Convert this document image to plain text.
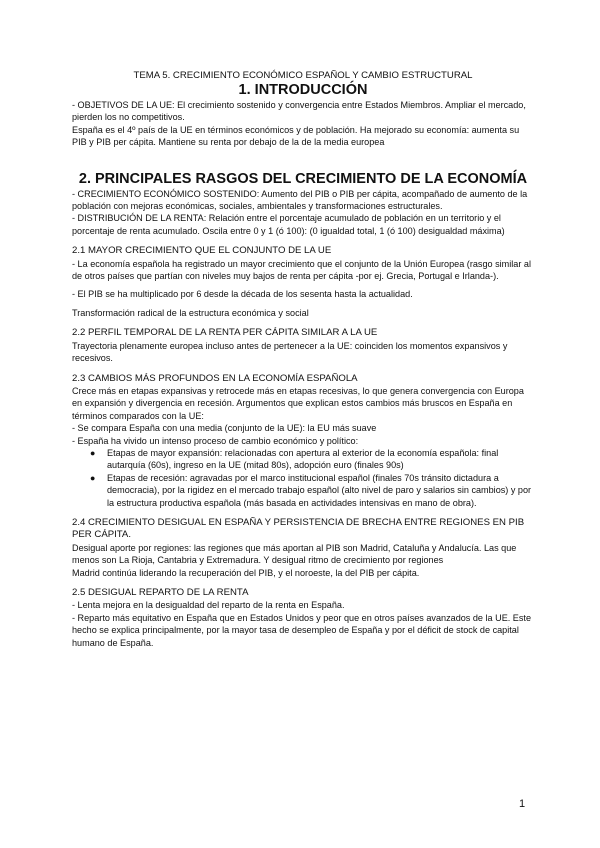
TEMA 5. CRECIMIENTO ECONÓMICO ESPAÑOL Y CAMBIO ESTRUCTURAL

1. INTRODUCCIÓN

- OBJETIVOS DE LA UE: El crecimiento sostenido y convergencia entre Estados Miembros. Ampliar el mercado, pierden los no competitivos.

España es el 4º país de la UE en términos económicos y de población. Ha mejorado su economía: aumenta su PIB y PIB per cápita. Mantiene su renta por debajo de la de la media europea

2. PRINCIPALES RASGOS DEL CRECIMIENTO DE LA ECONOMÍA

- CRECIMIENTO ECONÓMICO SOSTENIDO: Aumento del PIB o PIB per cápita, acompañado de aumento de la población con mejoras económicas, sociales, ambientales y transformaciones estructurales.

- DISTRIBUCIÓN DE LA RENTA: Relación entre el porcentaje acumulado de población en un territorio y el porcentaje de renta acumulado. Oscila entre 0 y 1 (ó 100): (0 igualdad total, 1 (ó 100) desigualdad máxima)

2.1 MAYOR CRECIMIENTO QUE EL CONJUNTO DE LA UE

- La economía española ha registrado un mayor crecimiento que el conjunto de la Unión Europea (rasgo similar al de otros países que partían con niveles muy bajos de renta per cápita -por ej. Grecia, Portugal e Irlanda-).

- El PIB se ha multiplicado por 6 desde la década de los sesenta hasta la actualidad.

Transformación radical de la estructura económica y social

2.2 PERFIL TEMPORAL DE LA RENTA PER CÁPITA SIMILAR A LA UE

Trayectoria plenamente europea incluso antes de pertenecer a la UE: coinciden los momentos expansivos y recesivos.

2.3 CAMBIOS MÁS PROFUNDOS EN LA ECONOMÍA ESPAÑOLA

Crece más en etapas expansivas y retrocede más en etapas recesivas, lo que genera convergencia con Europa en expansión y divergencia en recesión. Argumentos que explican estos cambios más bruscos en España en términos comparados con la UE:

- Se compara España con una media (conjunto de la UE): la EU más suave

- España ha vivido un intenso proceso de cambio económico y político:

● Etapas de mayor expansión: relacionadas con apertura al exterior de la economía española: final autarquía (60s), ingreso en la UE (mitad 80s), adopción euro (finales 90s)
● Etapas de recesión: agravadas por el marco institucional español (finales 70s tránsito dictadura a democracia), por la rigidez en el mercado trabajo español (alto nivel de paro y salarios sin cambios) y por la estructura productiva española (más basada en actividades intensivas en mano de obra).
2.4 CRECIMIENTO DESIGUAL EN ESPAÑA Y PERSISTENCIA DE BRECHA ENTRE REGIONES EN PIB PER CÁPITA.

Desigual aporte por regiones: las regiones que más aportan al PIB son Madrid, Cataluña y Andalucía. Las que menos son La Rioja, Cantabria y Extremadura. Y desigual ritmo de crecimiento por regiones

Madrid continúa liderando la recuperación del PIB, y el noroeste, la del PIB per cápita.

2.5 DESIGUAL REPARTO DE LA RENTA

- Lenta mejora en la desigualdad del reparto de la renta en España.

- Reparto más equitativo en España que en Estados Unidos y peor que en otros países avanzados de la UE. Este hecho se explica principalmente, por la mayor tasa de desempleo de España y por el déficit de stock de capital humano de España.

1
